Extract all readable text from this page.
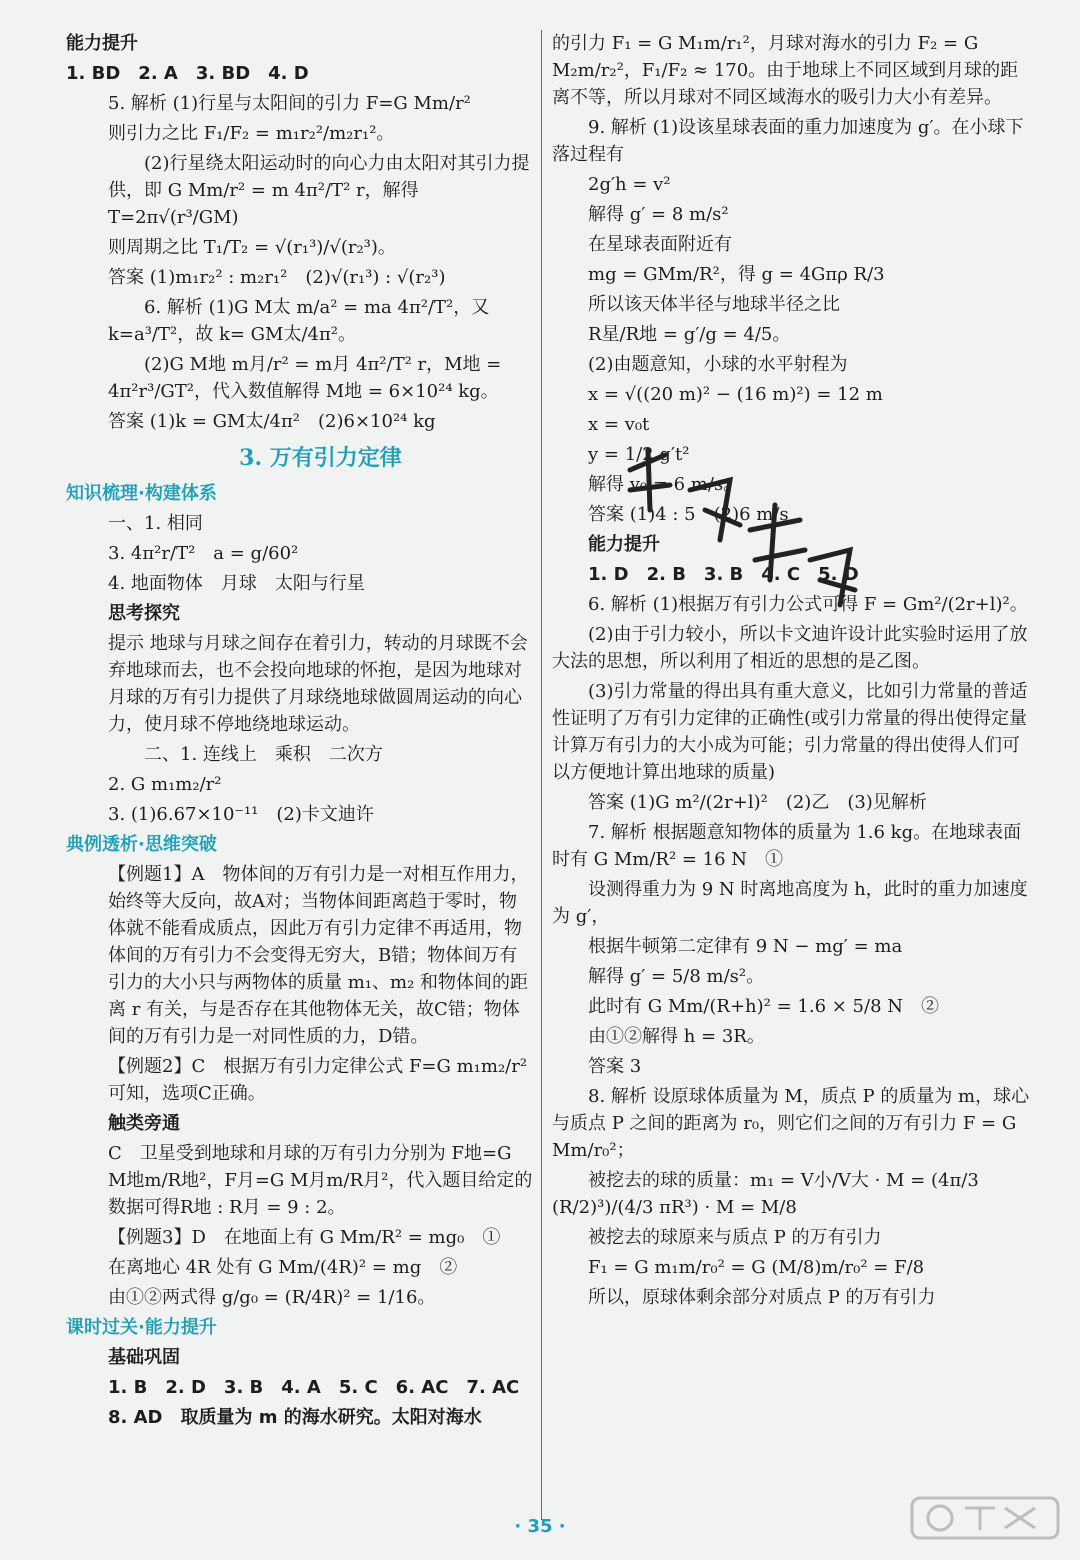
能力提升

1. BD　2. A　3. BD　4. D

5. 解析 (1)行星与太阳间的引力 F=G Mm/r²

则引力之比 F₁/F₂ = m₁r₂²/m₂r₁²。

(2)行星绕太阳运动时的向心力由太阳对其引力提供，即 G Mm/r² = m 4π²/T² r，解得 T=2π√(r³/GM)

则周期之比 T₁/T₂ = √(r₁³)/√(r₂³)。

答案 (1)m₁r₂² : m₂r₁²　(2)√(r₁³) : √(r₂³)

6. 解析 (1)G M太 m/a² = ma 4π²/T²，又 k=a³/T²，故 k= GM太/4π²。

(2)G M地 m月/r² = m月 4π²/T² r，M地 = 4π²r³/GT²，代入数值解得 M地 = 6×10²⁴ kg。

答案 (1)k = GM太/4π²　(2)6×10²⁴ kg

3. 万有引力定律

知识梳理·构建体系

一、1. 相同

3. 4π²r/T²　a = g/60²

4. 地面物体　月球　太阳与行星

思考探究

提示 地球与月球之间存在着引力，转动的月球既不会弃地球而去，也不会投向地球的怀抱，是因为地球对月球的万有引力提供了月球绕地球做圆周运动的向心力，使月球不停地绕地球运动。

二、1. 连线上　乘积　二次方

2. G m₁m₂/r²

3. (1)6.67×10⁻¹¹　(2)卡文迪许

典例透析·思维突破

【例题1】A　物体间的万有引力是一对相互作用力，始终等大反向，故A对；当物体间距离趋于零时，物体就不能看成质点，因此万有引力定律不再适用，物体间的万有引力不会变得无穷大，B错；物体间万有引力的大小只与两物体的质量 m₁、m₂ 和物体间的距离 r 有关，与是否存在其他物体无关，故C错；物体间的万有引力是一对同性质的力，D错。

【例题2】C　根据万有引力定律公式 F=G m₁m₂/r² 可知，选项C正确。

触类旁通

C　卫星受到地球和月球的万有引力分别为 F地=G M地m/R地²，F月=G M月m/R月²，代入题目给定的数据可得R地 : R月 = 9 : 2。

【例题3】D　在地面上有 G Mm/R² = mg₀　①

在离地心 4R 处有 G Mm/(4R)² = mg　②

由①②两式得 g/g₀ = (R/4R)² = 1/16。

课时过关·能力提升

基础巩固

1. B　2. D　3. B　4. A　5. C　6. AC　7. AC

8. AD　取质量为 m 的海水研究。太阳对海水

的引力 F₁ = G M₁m/r₁²，月球对海水的引力 F₂ = G M₂m/r₂²，F₁/F₂ ≈ 170。由于地球上不同区域到月球的距离不等，所以月球对不同区域海水的吸引力大小有差异。

9. 解析 (1)设该星球表面的重力加速度为 g′。在小球下落过程有

2g′h = v²

解得 g′ = 8 m/s²

在星球表面附近有

mg = GMm/R²，得 g = 4Gπρ R/3

所以该天体半径与地球半径之比

R星/R地 = g′/g = 4/5。

(2)由题意知，小球的水平射程为

x = √((20 m)² − (16 m)²) = 12 m

x = v₀t

y = 1/2 g′t²

解得 v₀ = 6 m/s。

答案 (1)4 : 5　(2)6 m/s

能力提升

1. D　2. B　3. B　4. C　5. D

6. 解析 (1)根据万有引力公式可得 F = Gm²/(2r+l)²。

(2)由于引力较小，所以卡文迪许设计此实验时运用了放大法的思想，所以利用了相近的思想的是乙图。

(3)引力常量的得出具有重大意义，比如引力常量的普适性证明了万有引力定律的正确性(或引力常量的得出使得定量计算万有引力的大小成为可能；引力常量的得出使得人们可以方便地计算出地球的质量)

答案 (1)G m²/(2r+l)²　(2)乙　(3)见解析

7. 解析 根据题意知物体的质量为 1.6 kg。在地球表面时有 G Mm/R² = 16 N　①

设测得重力为 9 N 时离地高度为 h，此时的重力加速度为 g′，

根据牛顿第二定律有 9 N − mg′ = ma

解得 g′ = 5/8 m/s²。

此时有 G Mm/(R+h)² = 1.6 × 5/8 N　②

由①②解得 h = 3R。

答案 3

8. 解析 设原球体质量为 M，质点 P 的质量为 m，球心与质点 P 之间的距离为 r₀，则它们之间的万有引力 F = G Mm/r₀²；

被挖去的球的质量：m₁ = V小/V大 · M = (4π/3 (R/2)³)/(4/3 πR³) · M = M/8

被挖去的球原来与质点 P 的万有引力

F₁ = G m₁m/r₀² = G (M/8)m/r₀² = F/8

所以，原球体剩余部分对质点 P 的万有引力

· 35 ·
